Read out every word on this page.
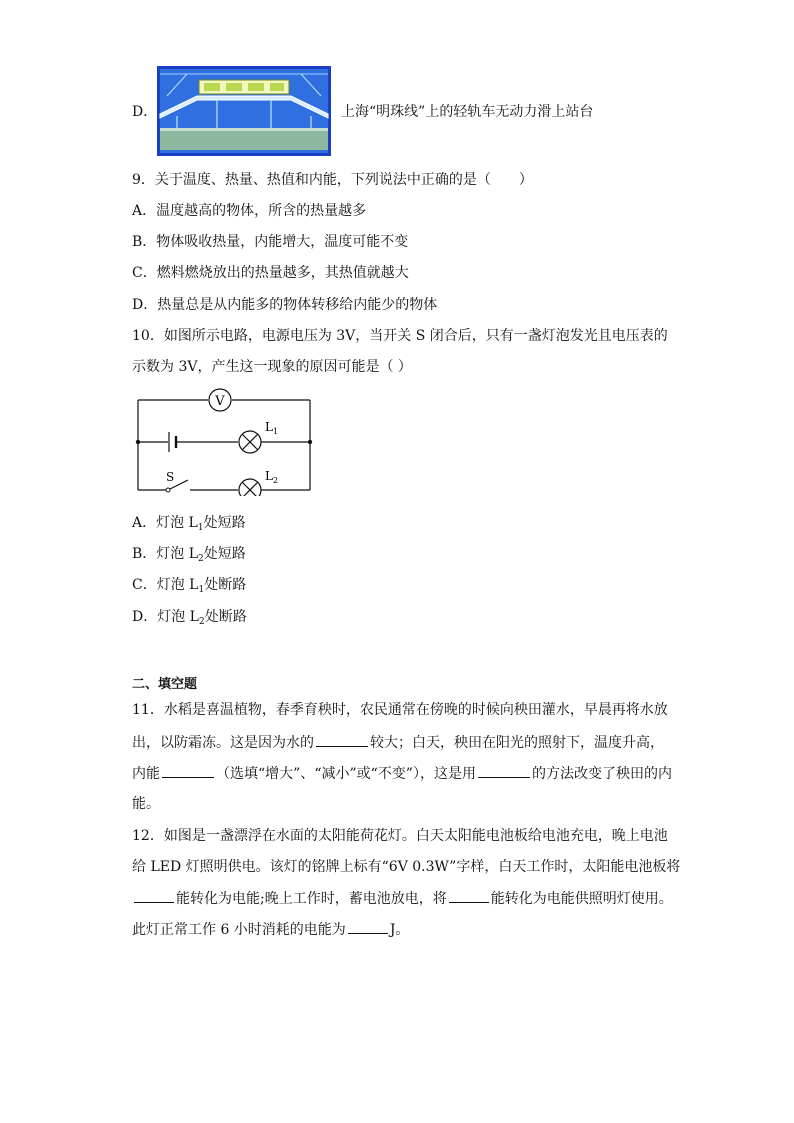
D．	上海“明珠线”上的轻轨车无动力滑上站台
9．关于温度、热量、热值和内能，下列说法中正确的是（　　）
A．温度越高的物体，所含的热量越多
B．物体吸收热量，内能增大，温度可能不变
C．燃料燃烧放出的热量越多，其热值就越大
D．热量总是从内能多的物体转移给内能少的物体
10．如图所示电路，电源电压为 3V，当开关 S 闭合后，只有一盏灯泡发光且电压表的
示数为 3V，产生这一现象的原因可能是（ ）
V
$L_1$
S	$L_2$
A．灯泡 $L_1$处短路
B．灯泡 $L_2$处短路
C．灯泡 $L_1$处断路
D．灯泡 $L_2$处断路
二、填空题
11．水稻是喜温植物，春季育秧时，农民通常在傍晚的时候向秧田灌水，早晨再将水放
出，以防霜冻。这是因为水的	较大；白天，秧田在阳光的照射下，温度升高，
内能	（选填“增大”、“减小”或“不变”），这是用	的方法改变了秧田的内
能。
12．如图是一盏漂浮在水面的太阳能荷花灯。白天太阳能电池板给电池充电，晚上电池
给 LED 灯照明供电。该灯的铭牌上标有“6V 0.3W”字样，白天工作时，太阳能电池板将
能转化为电能;晚上工作时，蓄电池放电，将	能转化为电能供照明灯使用。
此灯正常工作 6 小时消耗的电能为	J。
